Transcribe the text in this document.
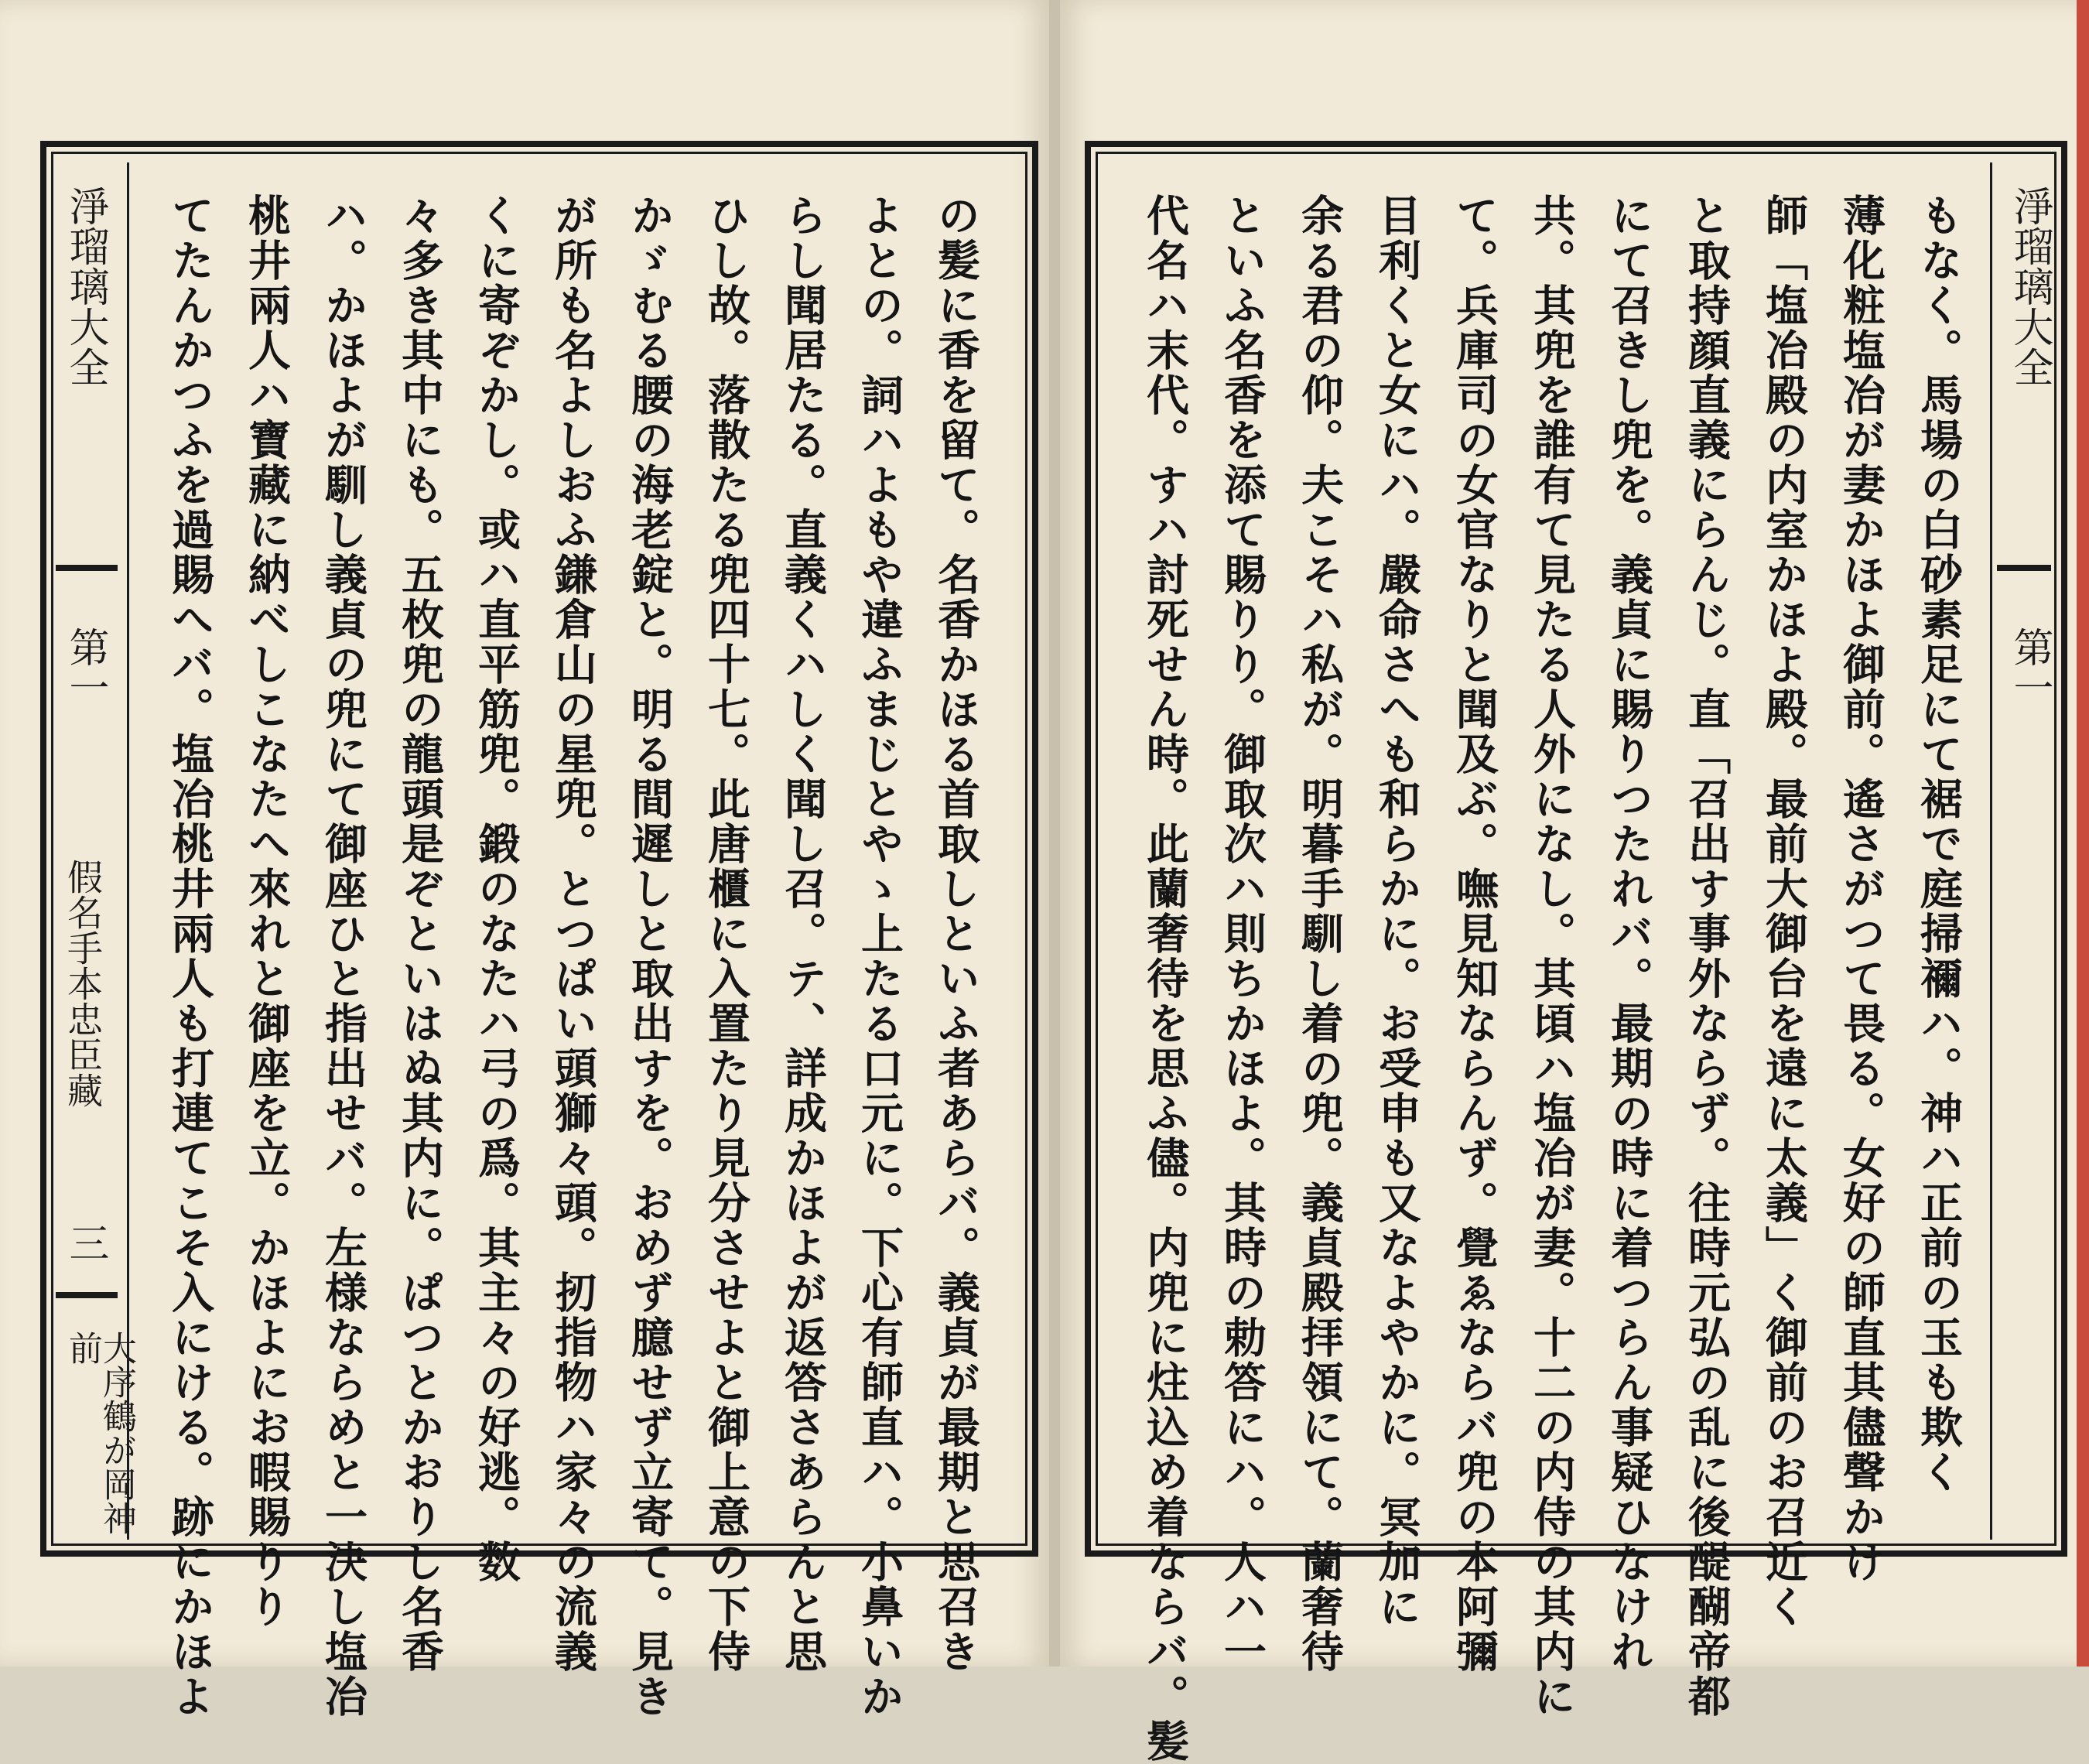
淨瑠璃大全
第一
假名手本忠臣藏
三
大序鶴が岡神前
淨瑠璃大全
第一
もなく。馬場の白砂素足にて裾で庭掃禰ハ。神ハ正前の玉も欺く
薄化粧塩冶が妻かほよ御前。遙さがつて畏る。女好の師直其儘聲かけ
師「塩冶殿の内室かほよ殿。最前大御台を遠に太義」く御前のお召近く
と取持顔直義にらんじ。直「召出す事外ならず。往時元弘の乱に後醍醐帝都
にて召きし兜を。義貞に賜りつたれバ。最期の時に着つらん事疑ひなけれ
共。其兜を誰有て見たる人外になし。其頃ハ塩冶が妻。十二の内侍の其内に
て。兵庫司の女官なりと聞及ぶ。嘸見知ならんず。覺ゑならバ兜の本阿彌
目利くと女にハ。嚴命さへも和らかに。お受申も又なよやかに。冥加に
余る君の仰。夫こそハ私が。明暮手馴し着の兜。義貞殿拝領にて。蘭奢待
といふ名香を添て賜りり。御取次ハ則ちかほよ。其時の勅答にハ。人ハ一
代名ハ末代。すハ討死せん時。此蘭奢待を思ふ儘。内兜に炷込め着ならバ。髪
の髪に香を留て。名香かほる首取しといふ者あらバ。義貞が最期と思召き
よとの。詞ハよもや違ふまじとやゝ上たる口元に。下心有師直ハ。小鼻いか
らし聞居たる。直義くハしく聞し召。テ、詳成かほよが返答さあらんと思
ひし故。落散たる兜四十七。此唐櫃に入置たり見分させよと御上意の下侍
かゞむる腰の海老錠と。明る間遲しと取出すを。おめず臆せず立寄て。見き
が所も名よしおふ鎌倉山の星兜。とつぱい頭獅々頭。扨指物ハ家々の流義
くに寄ぞかし。或ハ直平筋兜。鍛のなたハ弓の爲。其主々の好逃。数
々多き其中にも。五枚兜の龍頭是ぞといはぬ其内に。ぱつとかおりし名香
ハ。かほよが馴し義貞の兜にて御座ひと指出せバ。左様ならめと一決し塩冶
桃井兩人ハ寶藏に納べしこなたへ來れと御座を立。かほよにお暇賜りり
てたんかつふを過賜へバ。塩冶桃井兩人も打連てこそ入にける。跡にかほよ
